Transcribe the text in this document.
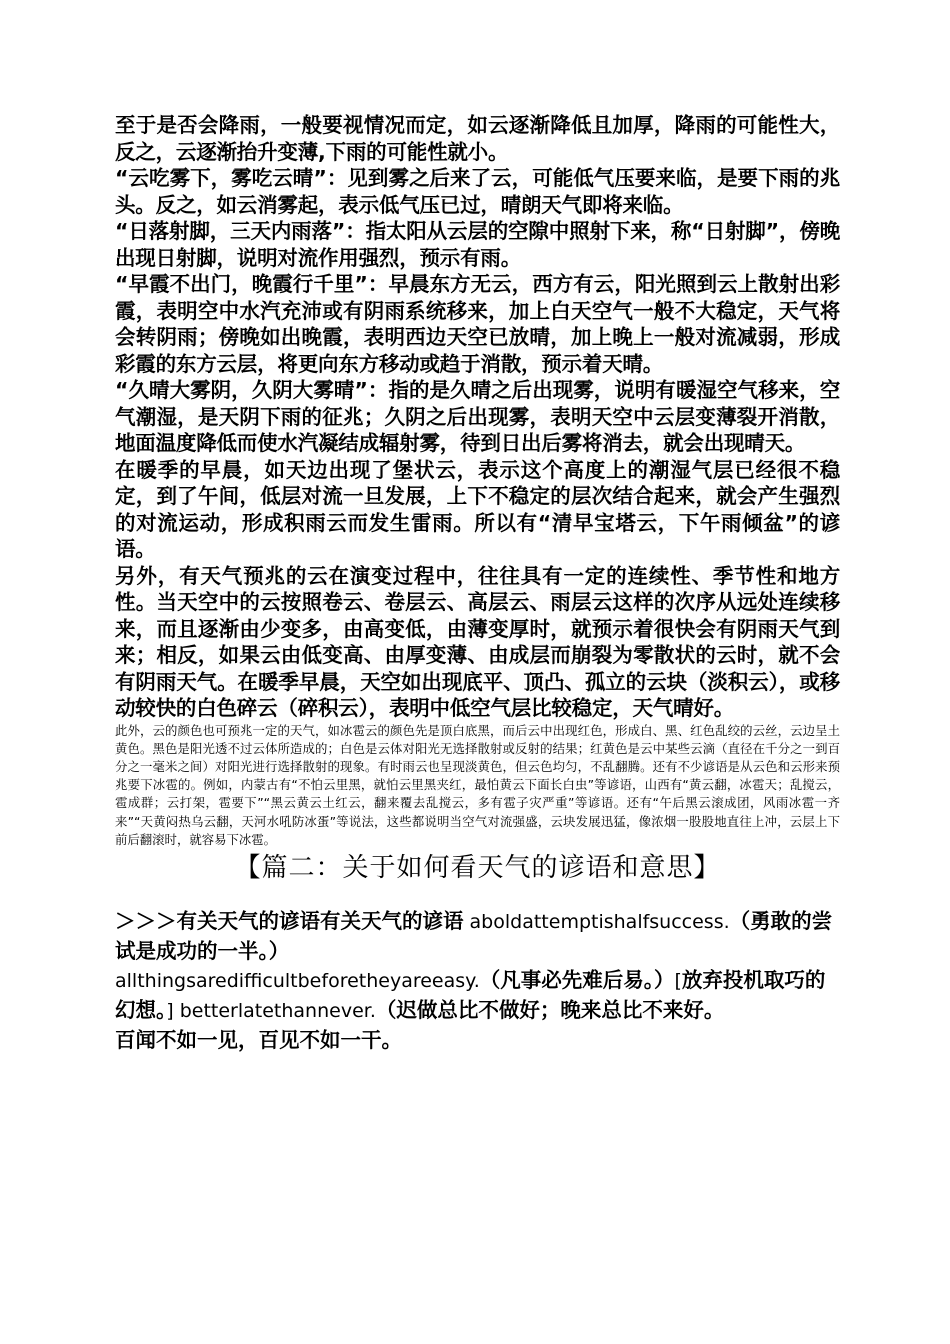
至于是否会降雨，一般要视情况而定，如云逐渐降低且加厚，降雨的可能性大，反之，云逐渐抬升变薄,下雨的可能性就小。

“云吃雾下，雾吃云晴”：见到雾之后来了云，可能低气压要来临，是要下雨的兆头。反之，如云消雾起，表示低气压已过，晴朗天气即将来临。

“日落射脚，三天内雨落”：指太阳从云层的空隙中照射下来，称“日射脚”，傍晚出现日射脚，说明对流作用强烈，预示有雨。

“早霞不出门，晚霞行千里”：早晨东方无云，西方有云，阳光照到云上散射出彩霞，表明空中水汽充沛或有阴雨系统移来，加上白天空气一般不大稳定，天气将会转阴雨；傍晚如出晚霞，表明西边天空已放晴，加上晚上一般对流减弱，形成彩霞的东方云层，将更向东方移动或趋于消散，预示着天晴。

“久晴大雾阴，久阴大雾晴”：指的是久晴之后出现雾，说明有暖湿空气移来，空气潮湿，是天阴下雨的征兆；久阴之后出现雾，表明天空中云层变薄裂开消散，地面温度降低而使水汽凝结成辐射雾，待到日出后雾将消去，就会出现晴天。

在暖季的早晨，如天边出现了堡状云，表示这个高度上的潮湿气层已经很不稳定，到了午间，低层对流一旦发展，上下不稳定的层次结合起来，就会产生强烈的对流运动，形成积雨云而发生雷雨。所以有“清早宝塔云，下午雨倾盆”的谚语。

另外，有天气预兆的云在演变过程中，往往具有一定的连续性、季节性和地方性。当天空中的云按照卷云、卷层云、高层云、雨层云这样的次序从远处连续移来，而且逐渐由少变多，由高变低，由薄变厚时，就预示着很快会有阴雨天气到来；相反，如果云由低变高、由厚变薄、由成层而崩裂为零散状的云时，就不会有阴雨天气。在暖季早晨，天空如出现底平、顶凸、孤立的云块（淡积云），或移动较快的白色碎云（碎积云），表明中低空气层比较稳定，天气晴好。

此外，云的颜色也可预兆一定的天气，如冰雹云的颜色先是顶白底黑，而后云中出现红色，形成白、黑、红色乱绞的云丝，云边呈土黄色。黑色是阳光透不过云体所造成的；白色是云体对阳光无选择散射或反射的结果；红黄色是云中某些云滴（直径在千分之一到百分之一毫米之间）对阳光进行选择散射的现象。有时雨云也呈现淡黄色，但云色均匀，不乱翻腾。还有不少谚语是从云色和云形来预兆要下冰雹的。例如，内蒙古有“不怕云里黑，就怕云里黑夹红，最怕黄云下面长白虫”等谚语，山西有“黄云翻，冰雹天；乱搅云，雹成群；云打架，雹要下”“黑云黄云土红云，翻来覆去乱搅云，多有雹子灾严重”等谚语。还有“午后黑云滚成团，风雨冰雹一齐来”“天黄闷热乌云翻，天河水吼防冰蛋”等说法，这些都说明当空气对流强盛，云块发展迅猛，像浓烟一股股地直往上冲，云层上下前后翻滚时，就容易下冰雹。

【篇二：关于如何看天气的谚语和意思】

＞＞＞有关天气的谚语有关天气的谚语 aboldattemptishalfsuccess.（勇敢的尝试是成功的一半。）
allthingsaredifficultbeforetheyareeasy.（凡事必先难后易。）[放弃投机取巧的幻想。] betterlatethannever.（迟做总比不做好；晚来总比不来好。
百闻不如一见，百见不如一干。
